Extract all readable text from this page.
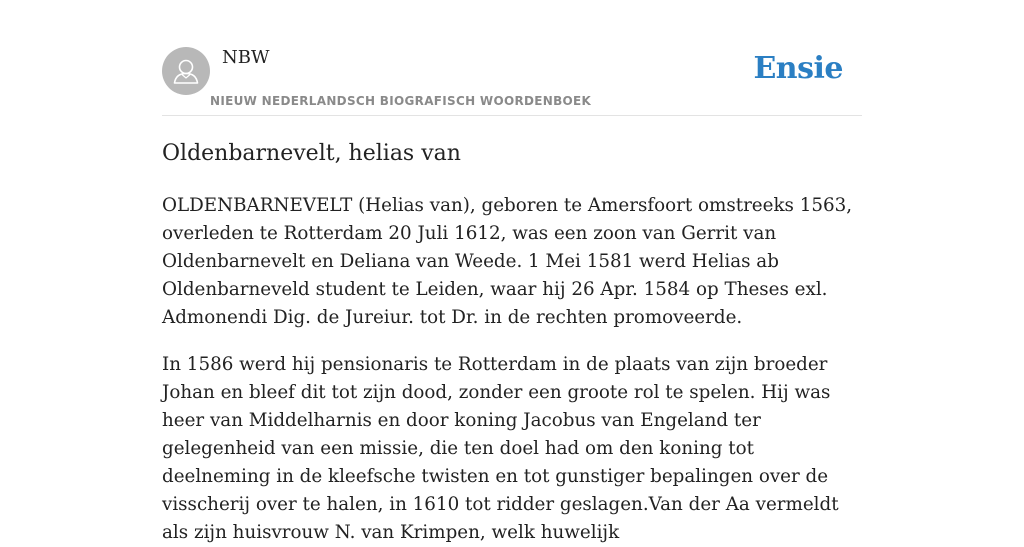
NBW
NIEUW NEDERLANDSCH BIOGRAFISCH WOORDENBOEK
Ensie
Oldenbarnevelt, helias van

OLDENBARNEVELT (Helias van), geboren te Amersfoort omstreeks 1563, overleden te Rotterdam 20 Juli 1612, was een zoon van Gerrit van Oldenbarnevelt en Deliana van Weede. 1 Mei 1581 werd Helias ab Oldenbarneveld student te Leiden, waar hij 26 Apr. 1584 op Theses exl. Admonendi Dig. de Jureiur. tot Dr. in de rechten promoveerde.

In 1586 werd hij pensionaris te Rotterdam in de plaats van zijn broeder Johan en bleef dit tot zijn dood, zonder een groote rol te spelen. Hij was heer van Middelharnis en door koning Jacobus van Engeland ter gelegenheid van een missie, die ten doel had om den koning tot deelneming in de kleefsche twisten en tot gunstiger bepalingen over de visscherij over te halen, in 1610 tot ridder geslagen.Van der Aa vermeldt als zijn huisvrouw N. van Krimpen, welk huwelijk
